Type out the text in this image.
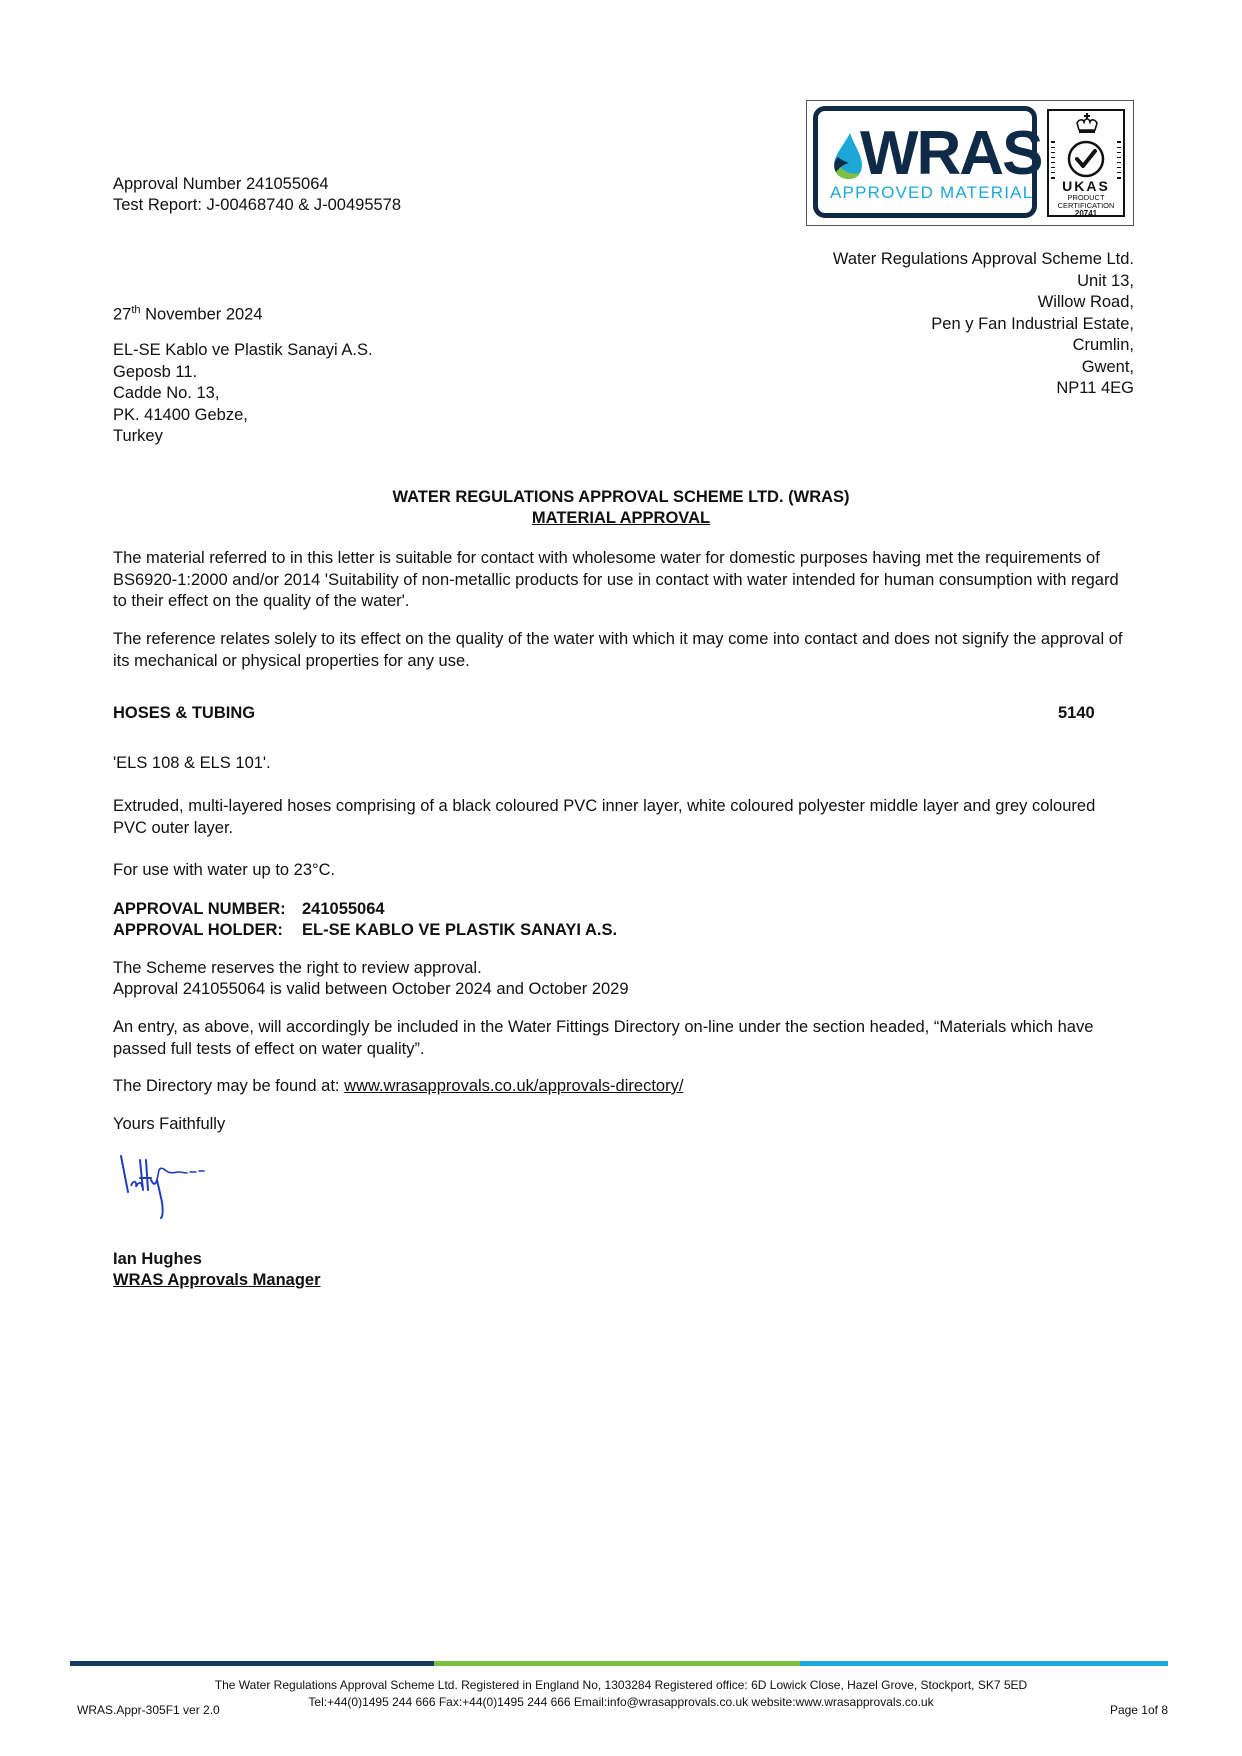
WRAS
APPROVED MATERIAL	UKAS
PRODUCT
CERTIFICATION
20741
Approval Number 241055064
Test Report: J-00468740 & J-00495578
Water Regulations Approval Scheme Ltd.
Unit 13,
Willow Road,
Pen y Fan Industrial Estate,
Crumlin,
Gwent,
NP11 4EG
27th November 2024
EL-SE Kablo ve Plastik Sanayi A.S.
Geposb 11.
Cadde No. 13,
PK. 41400 Gebze,
Turkey
WATER REGULATIONS APPROVAL SCHEME LTD. (WRAS)
MATERIAL APPROVAL
The material referred to in this letter is suitable for contact with wholesome water for domestic purposes having met the requirements of BS6920-1:2000 and/or 2014 'Suitability of non-metallic products for use in contact with water intended for human consumption with regard to their effect on the quality of the water'.
The reference relates solely to its effect on the quality of the water with which it may come into contact and does not signify the approval of its mechanical or physical properties for any use.
HOSES & TUBING	5140
'ELS 108 & ELS 101'.
Extruded, multi-layered hoses comprising of a black coloured PVC inner layer, white coloured polyester middle layer and grey coloured PVC outer layer.
For use with water up to 23°C.
APPROVAL NUMBER: 241055064
APPROVAL HOLDER: EL-SE KABLO VE PLASTIK SANAYI A.S.
The Scheme reserves the right to review approval.
Approval 241055064 is valid between October 2024 and October 2029
An entry, as above, will accordingly be included in the Water Fittings Directory on-line under the section headed, “Materials which have passed full tests of effect on water quality”.
The Directory may be found at: www.wrasapprovals.co.uk/approvals-directory/
Yours Faithfully
Ian Hughes
WRAS Approvals Manager
The Water Regulations Approval Scheme Ltd. Registered in England No, 1303284 Registered office: 6D Lowick Close, Hazel Grove, Stockport, SK7 5ED
Tel:+44(0)1495 244 666 Fax:+44(0)1495 244 666 Email:info@wrasapprovals.co.uk website:www.wrasapprovals.co.uk
WRAS.Appr-305F1 ver 2.0	Page 1of 8
